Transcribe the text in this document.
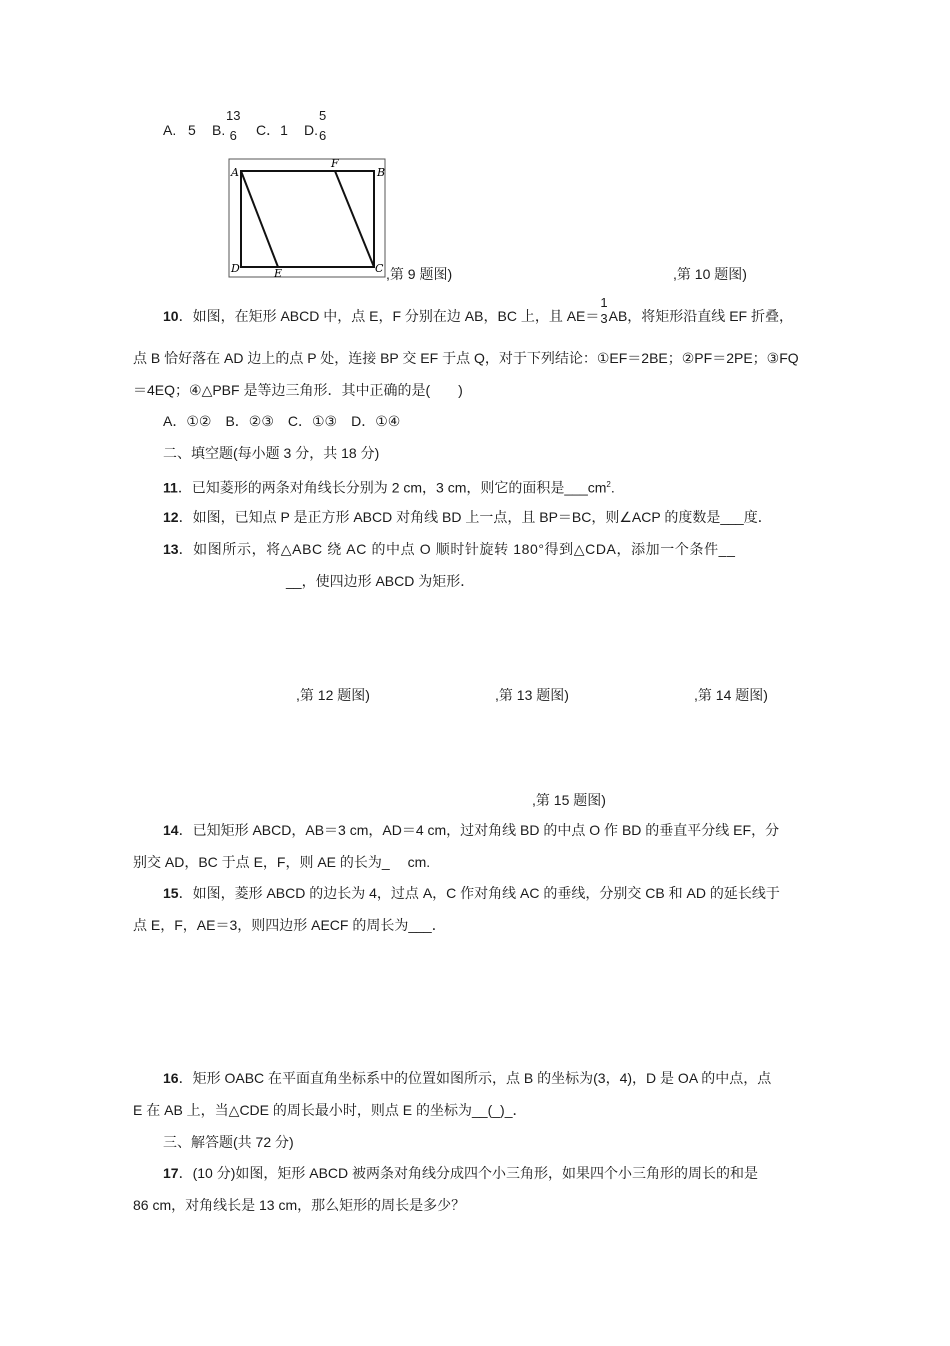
A. 5 B.
13
6 C．1 D.
5
6
A	B
C
D	E
F
,第 9 题图)	,第 10 题图)
10．如图，在矩形 ABCD 中，点 E，F 分别在边 AB，BC 上，且 AE＝
1
3 AB，将矩形沿直线 EF 折叠，
点 B 恰好落在 AD 边上的点 P 处，连接 BP 交 EF 于点 Q，对于下列结论：①EF＝2BE；②PF＝2PE；③FQ
＝4EQ；④△PBF 是等边三角形．其中正确的是(　　)
A．①②　B．②③　C．①③　D．①④
二、填空题(每小题 3 分，共 18 分)
11．已知菱形的两条对角线长分别为 2 cm，3 cm，则它的面积是$\_\_\_cm^2$.
12．如图，已知点 P 是正方形 ABCD 对角线 BD 上一点，且 BP＝BC，则∠ACP 的度数是___度．
13．如图所示，将△ABC 绕 AC 的中点 O 顺时针旋转 180°得到△CDA，添加一个条件__
__，使四边形 ABCD 为矩形．
,第 12 题图)	,第 13 题图)	,第 14 题图)
,第 15 题图)
14．已知矩形 ABCD，AB＝3 cm，AD＝4 cm，过对角线 BD 的中点 O 作 BD 的垂直平分线 EF，分
别交 AD，BC 于点 E，F，则 AE 的长为_　 cm.
15．如图，菱形 ABCD 的边长为 4，过点 A，C 作对角线 AC 的垂线，分别交 CB 和 AD 的延长线于
点 E，F，AE＝3，则四边形 AECF 的周长为___．
16．矩形 OABC 在平面直角坐标系中的位置如图所示，点 B 的坐标为(3，4)，D 是 OA 的中点，点
E 在 AB 上，当△CDE 的周长最小时，则点 E 的坐标为__(_)_．
三、解答题(共 72 分)
17．(10 分)如图，矩形 ABCD 被两条对角线分成四个小三角形，如果四个小三角形的周长的和是
86 cm，对角线长是 13 cm，那么矩形的周长是多少？
